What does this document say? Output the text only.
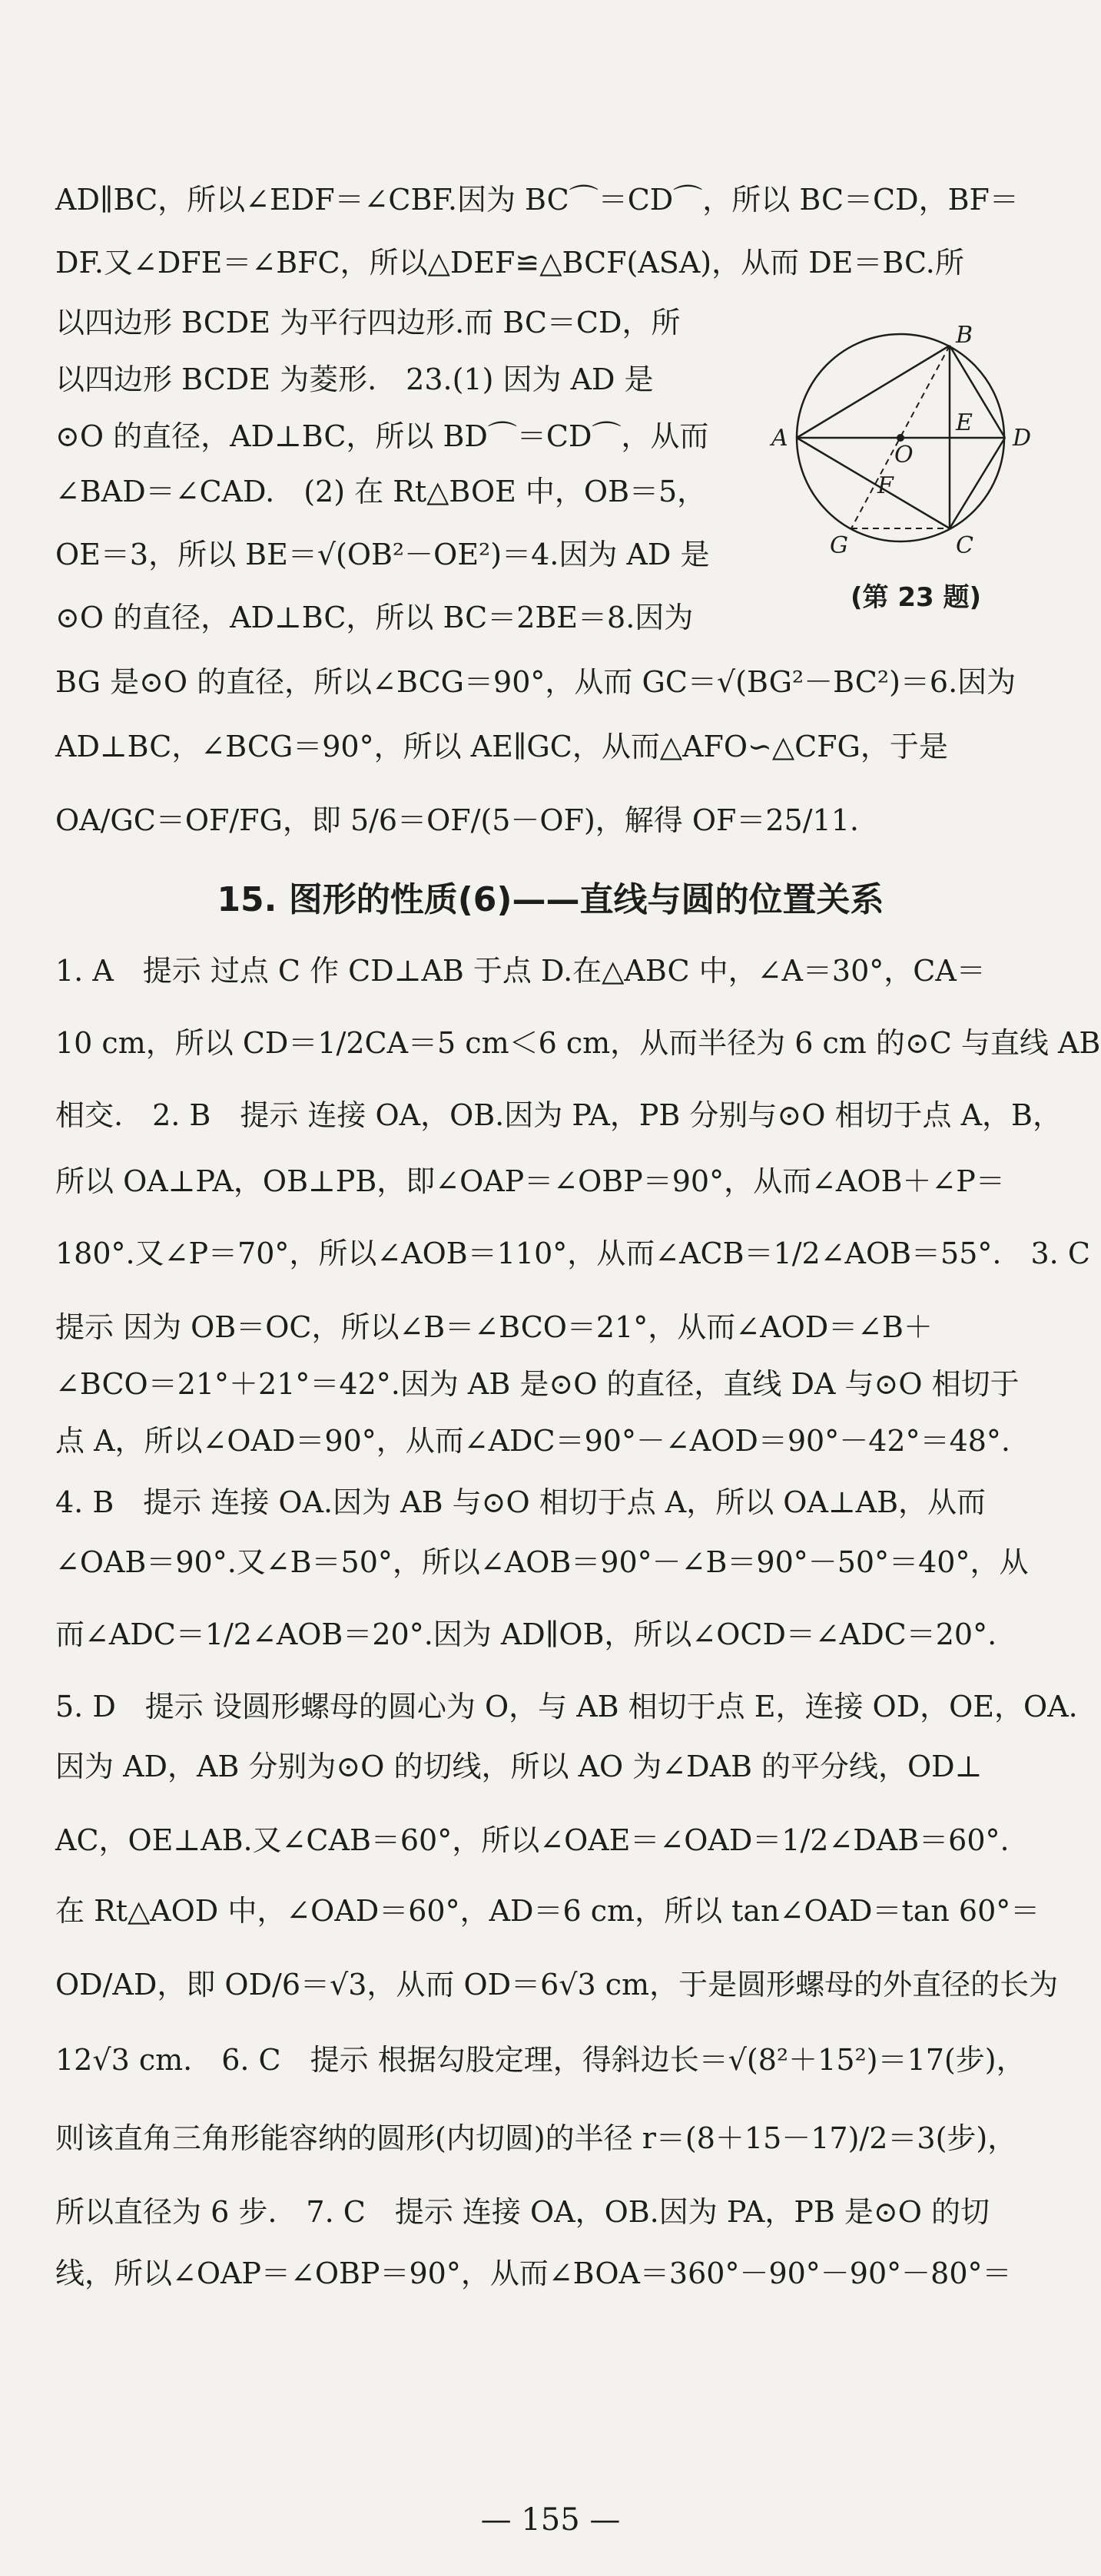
AD∥BC，所以∠EDF＝∠CBF.因为 BC⌒＝CD⌒，所以 BC＝CD，BF＝
DF.又∠DFE＝∠BFC，所以△DEF≌△BCF(ASA)，从而 DE＝BC.所
以四边形 BCDE 为平行四边形.而 BC＝CD，所
以四边形 BCDE 为菱形.　23.(1) 因为 AD 是
⊙O 的直径，AD⊥BC，所以 BD⌒＝CD⌒，从而
∠BAD＝∠CAD.　(2) 在 Rt△BOE 中，OB＝5，
OE＝3，所以 BE＝√(OB²－OE²)＝4.因为 AD 是
⊙O 的直径，AD⊥BC，所以 BC＝2BE＝8.因为
BG 是⊙O 的直径，所以∠BCG＝90°，从而 GC＝√(BG²－BC²)＝6.因为
AD⊥BC，∠BCG＝90°，所以 AE∥GC，从而△AFO∽△CFG，于是
OA/GC＝OF/FG，即 5/6＝OF/(5－OF)，解得 OF＝25/11.
A
B
C
D
E
F
G
O
(第 23 题)
15. 图形的性质(6)——直线与圆的位置关系
1. A　提示 过点 C 作 CD⊥AB 于点 D.在△ABC 中，∠A＝30°，CA＝
10 cm，所以 CD＝1/2CA＝5 cm＜6 cm，从而半径为 6 cm 的⊙C 与直线 AB
相交.　2. B　提示 连接 OA，OB.因为 PA，PB 分别与⊙O 相切于点 A，B，
所以 OA⊥PA，OB⊥PB，即∠OAP＝∠OBP＝90°，从而∠AOB＋∠P＝
180°.又∠P＝70°，所以∠AOB＝110°，从而∠ACB＝1/2∠AOB＝55°.　3. C
提示 因为 OB＝OC，所以∠B＝∠BCO＝21°，从而∠AOD＝∠B＋
∠BCO＝21°＋21°＝42°.因为 AB 是⊙O 的直径，直线 DA 与⊙O 相切于
点 A，所以∠OAD＝90°，从而∠ADC＝90°－∠AOD＝90°－42°＝48°.
4. B　提示 连接 OA.因为 AB 与⊙O 相切于点 A，所以 OA⊥AB，从而
∠OAB＝90°.又∠B＝50°，所以∠AOB＝90°－∠B＝90°－50°＝40°，从
而∠ADC＝1/2∠AOB＝20°.因为 AD∥OB，所以∠OCD＝∠ADC＝20°.
5. D　提示 设圆形螺母的圆心为 O，与 AB 相切于点 E，连接 OD，OE，OA.
因为 AD，AB 分别为⊙O 的切线，所以 AO 为∠DAB 的平分线，OD⊥
AC，OE⊥AB.又∠CAB＝60°，所以∠OAE＝∠OAD＝1/2∠DAB＝60°.
在 Rt△AOD 中，∠OAD＝60°，AD＝6 cm，所以 tan∠OAD＝tan 60°＝
OD/AD，即 OD/6＝√3，从而 OD＝6√3 cm，于是圆形螺母的外直径的长为
12√3 cm.　6. C　提示 根据勾股定理，得斜边长＝√(8²＋15²)＝17(步)，
则该直角三角形能容纳的圆形(内切圆)的半径 r＝(8＋15－17)/2＝3(步)，
所以直径为 6 步.　7. C　提示 连接 OA，OB.因为 PA，PB 是⊙O 的切
线，所以∠OAP＝∠OBP＝90°，从而∠BOA＝360°－90°－90°－80°＝
— 155 —
